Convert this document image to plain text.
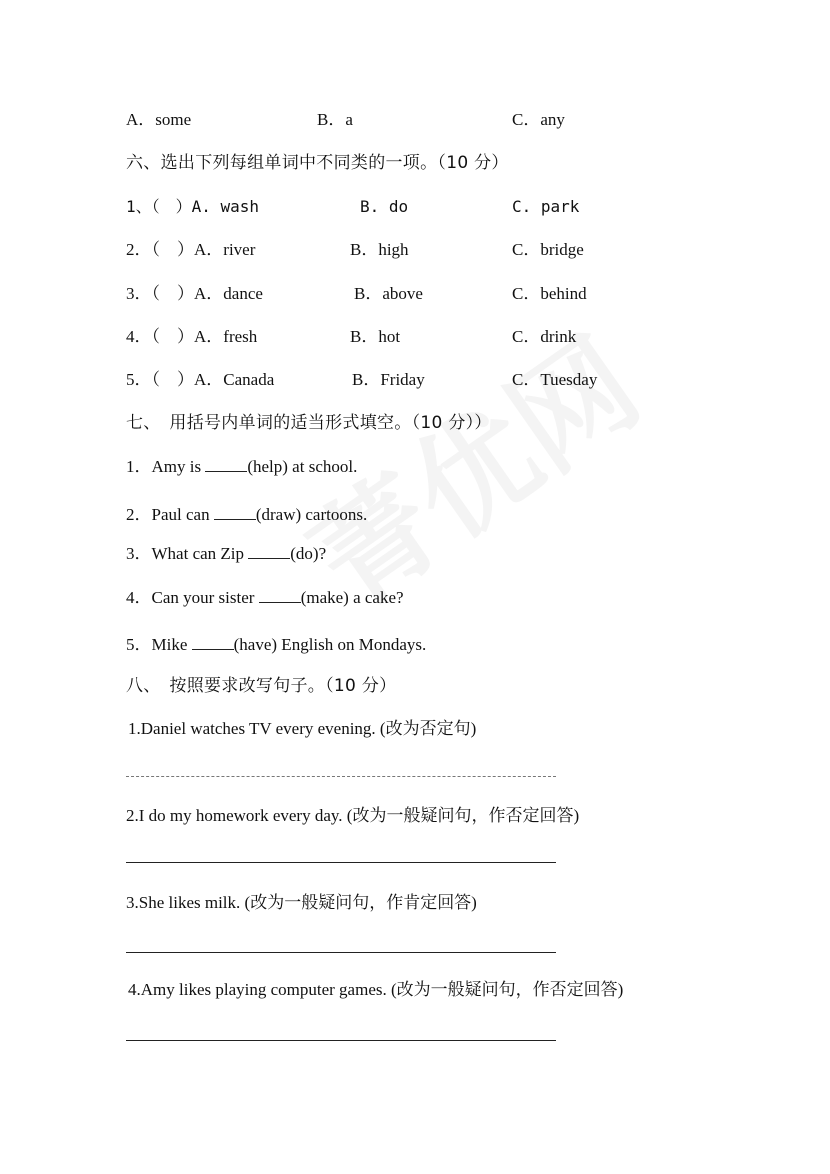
A．some	B．a	C．any
六、选出下列每组单词中不同类的一项。（10 分）
1、（　）A. wash	B. do	C. park
2．（　）A．river	B．high	C．bridge
3．（　）A．dance	B．above	C．behind
4．（　）A．fresh	B．hot	C．drink
5．（　）A．Canada	B．Friday	C．Tuesday
七、　用括号内单词的适当形式填空。（10 分））
1．Amy is (help) at school.
2．Paul can (draw) cartoons.
3．What can Zip (do)?
4．Can your sister (make) a cake?
5．Mike (have) English on Mondays.
八、　按照要求改写句子。（10 分）
1.Daniel watches TV every evening. (改为否定句)
2.I do my homework every day. (改为一般疑问句，作否定回答)
3.She likes milk. (改为一般疑问句，作肯定回答)
4.Amy likes playing computer games. (改为一般疑问句，作否定回答)
